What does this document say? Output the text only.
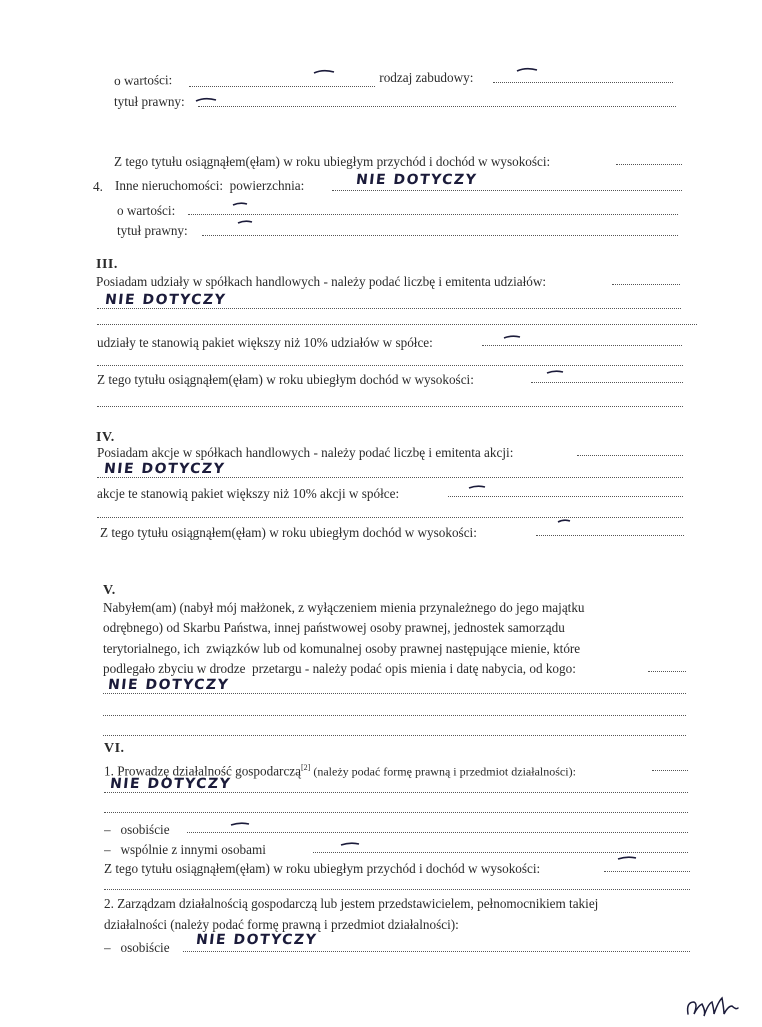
o wartości:	rodzaj zabudowy:
tytuł prawny:
Z tego tytułu osiągnąłem(ęłam) w roku ubiegłym przychód i dochód w wysokości:
4. Inne nieruchomości:  powierzchnia:	NIE DOTYCZY
o wartości:
tytuł prawny:
III.
Posiadam udziały w spółkach handlowych - należy podać liczbę i emitenta udziałów:
NIE DOTYCZY
udziały te stanowią pakiet większy niż 10% udziałów w spółce:
Z tego tytułu osiągnąłem(ęłam) w roku ubiegłym dochód w wysokości:
IV.
Posiadam akcje w spółkach handlowych - należy podać liczbę i emitenta akcji:
NIE DOTYCZY
akcje te stanowią pakiet większy niż 10% akcji w spółce:
Z tego tytułu osiągnąłem(ęłam) w roku ubiegłym dochód w wysokości:
V.
Nabyłem(am) (nabył mój małżonek, z wyłączeniem mienia przynależnego do jego majątku
odrębnego) od Skarbu Państwa, innej państwowej osoby prawnej, jednostek samorządu
terytorialnego, ich  związków lub od komunalnej osoby prawnej następujące mienie, które
podlegało zbyciu w drodze  przetargu - należy podać opis mienia i datę nabycia, od kogo:
NIE DOTYCZY
VI.
1. Prowadzę działalność gospodarczą[2] (należy podać formę prawną i przedmiot działalności):
NIE DOTYCZY
–   osobiście
–   wspólnie z innymi osobami
Z tego tytułu osiągnąłem(ęłam) w roku ubiegłym przychód i dochód w wysokości:
2. Zarządzam działalnością gospodarczą lub jestem przedstawicielem, pełnomocnikiem takiej
działalności (należy podać formę prawną i przedmiot działalności):
–   osobiście NIE DOTYCZY
